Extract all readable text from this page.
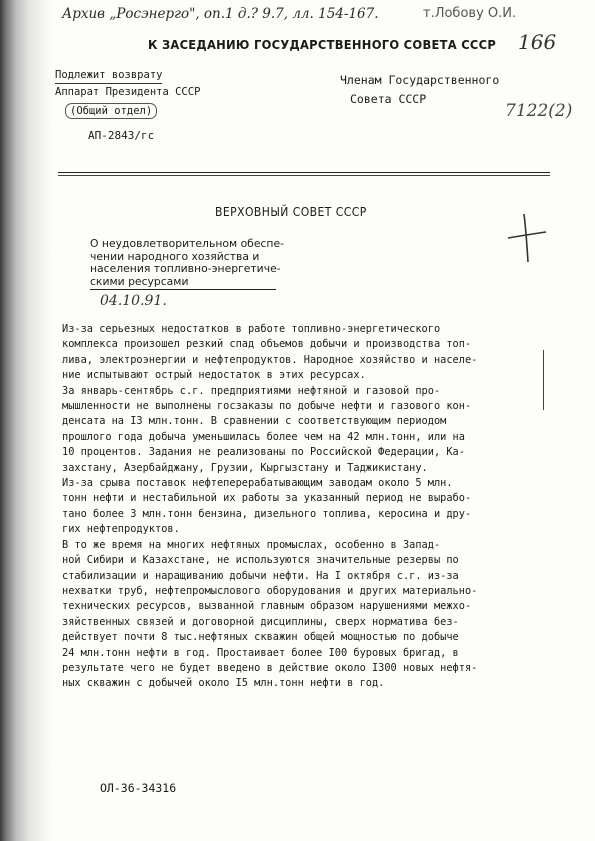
Архив „Росэнерго", оп.1 д.? 9.7, лл. 154-167.	т.Лобову О.И.
166
К ЗАСЕДАНИЮ ГОСУДАРСТВЕННОГО СОВЕТА СССР
Подлежит возврату
Аппарат Президента СССР
(Общий отдел)
АП-2843/гс
Членам Государственного
Совета СССР
7122(2)
ВЕРХОВНЫЙ СОВЕТ СССР
О неудовлетворительном обеспе-
чении народного хозяйства и
населения топливно-энергетиче-
скими ресурсами
04.10.91.
Из-за серьезных недостатков в работе топливно-энергетического
комплекса произошел резкий спад объемов добычи и производства топ-
лива, электроэнергии и нефтепродуктов. Народное хозяйство и населе-
ние испытывают острый недостаток в этих ресурсах.
За январь-сентябрь с.г. предприятиями нефтяной и газовой про-
мышленности не выполнены госзаказы по добыче нефти и газового кон-
денсата на I3 млн.тонн. В сравнении с соответствующим периодом
прошлого года добыча уменьшилась более чем на 42 млн.тонн, или на
10 процентов. Задания не реализованы по Российской Федерации, Ка-
захстану, Азербайджану, Грузии, Кыргызстану и Таджикистану.
Из-за срыва поставок нефтеперерабатывающим заводам около 5 млн.
тонн нефти и нестабильной их работы за указанный период не вырабо-
тано более 3 млн.тонн бензина, дизельного топлива, керосина и дру-
гих нефтепродуктов.
В то же время на многих нефтяных промыслах, особенно в Запад-
ной Сибири и Казахстане, не используются значительные резервы по
стабилизации и наращиванию добычи нефти. На I октября с.г. из-за
нехватки труб, нефтепромыслового оборудования и других материально-
технических ресурсов, вызванной главным образом нарушениями межхо-
зяйственных связей и договорной дисциплины, сверх норматива без-
действует почти 8 тыс.нефтяных скважин общей мощностью по добыче
24 млн.тонн нефти в год. Простаивает более I00 буровых бригад, в
результате чего не будет введено в действие около I300 новых нефтя-
ных скважин с добычей около I5 млн.тонн нефти в год.
ОЛ-36-34316
